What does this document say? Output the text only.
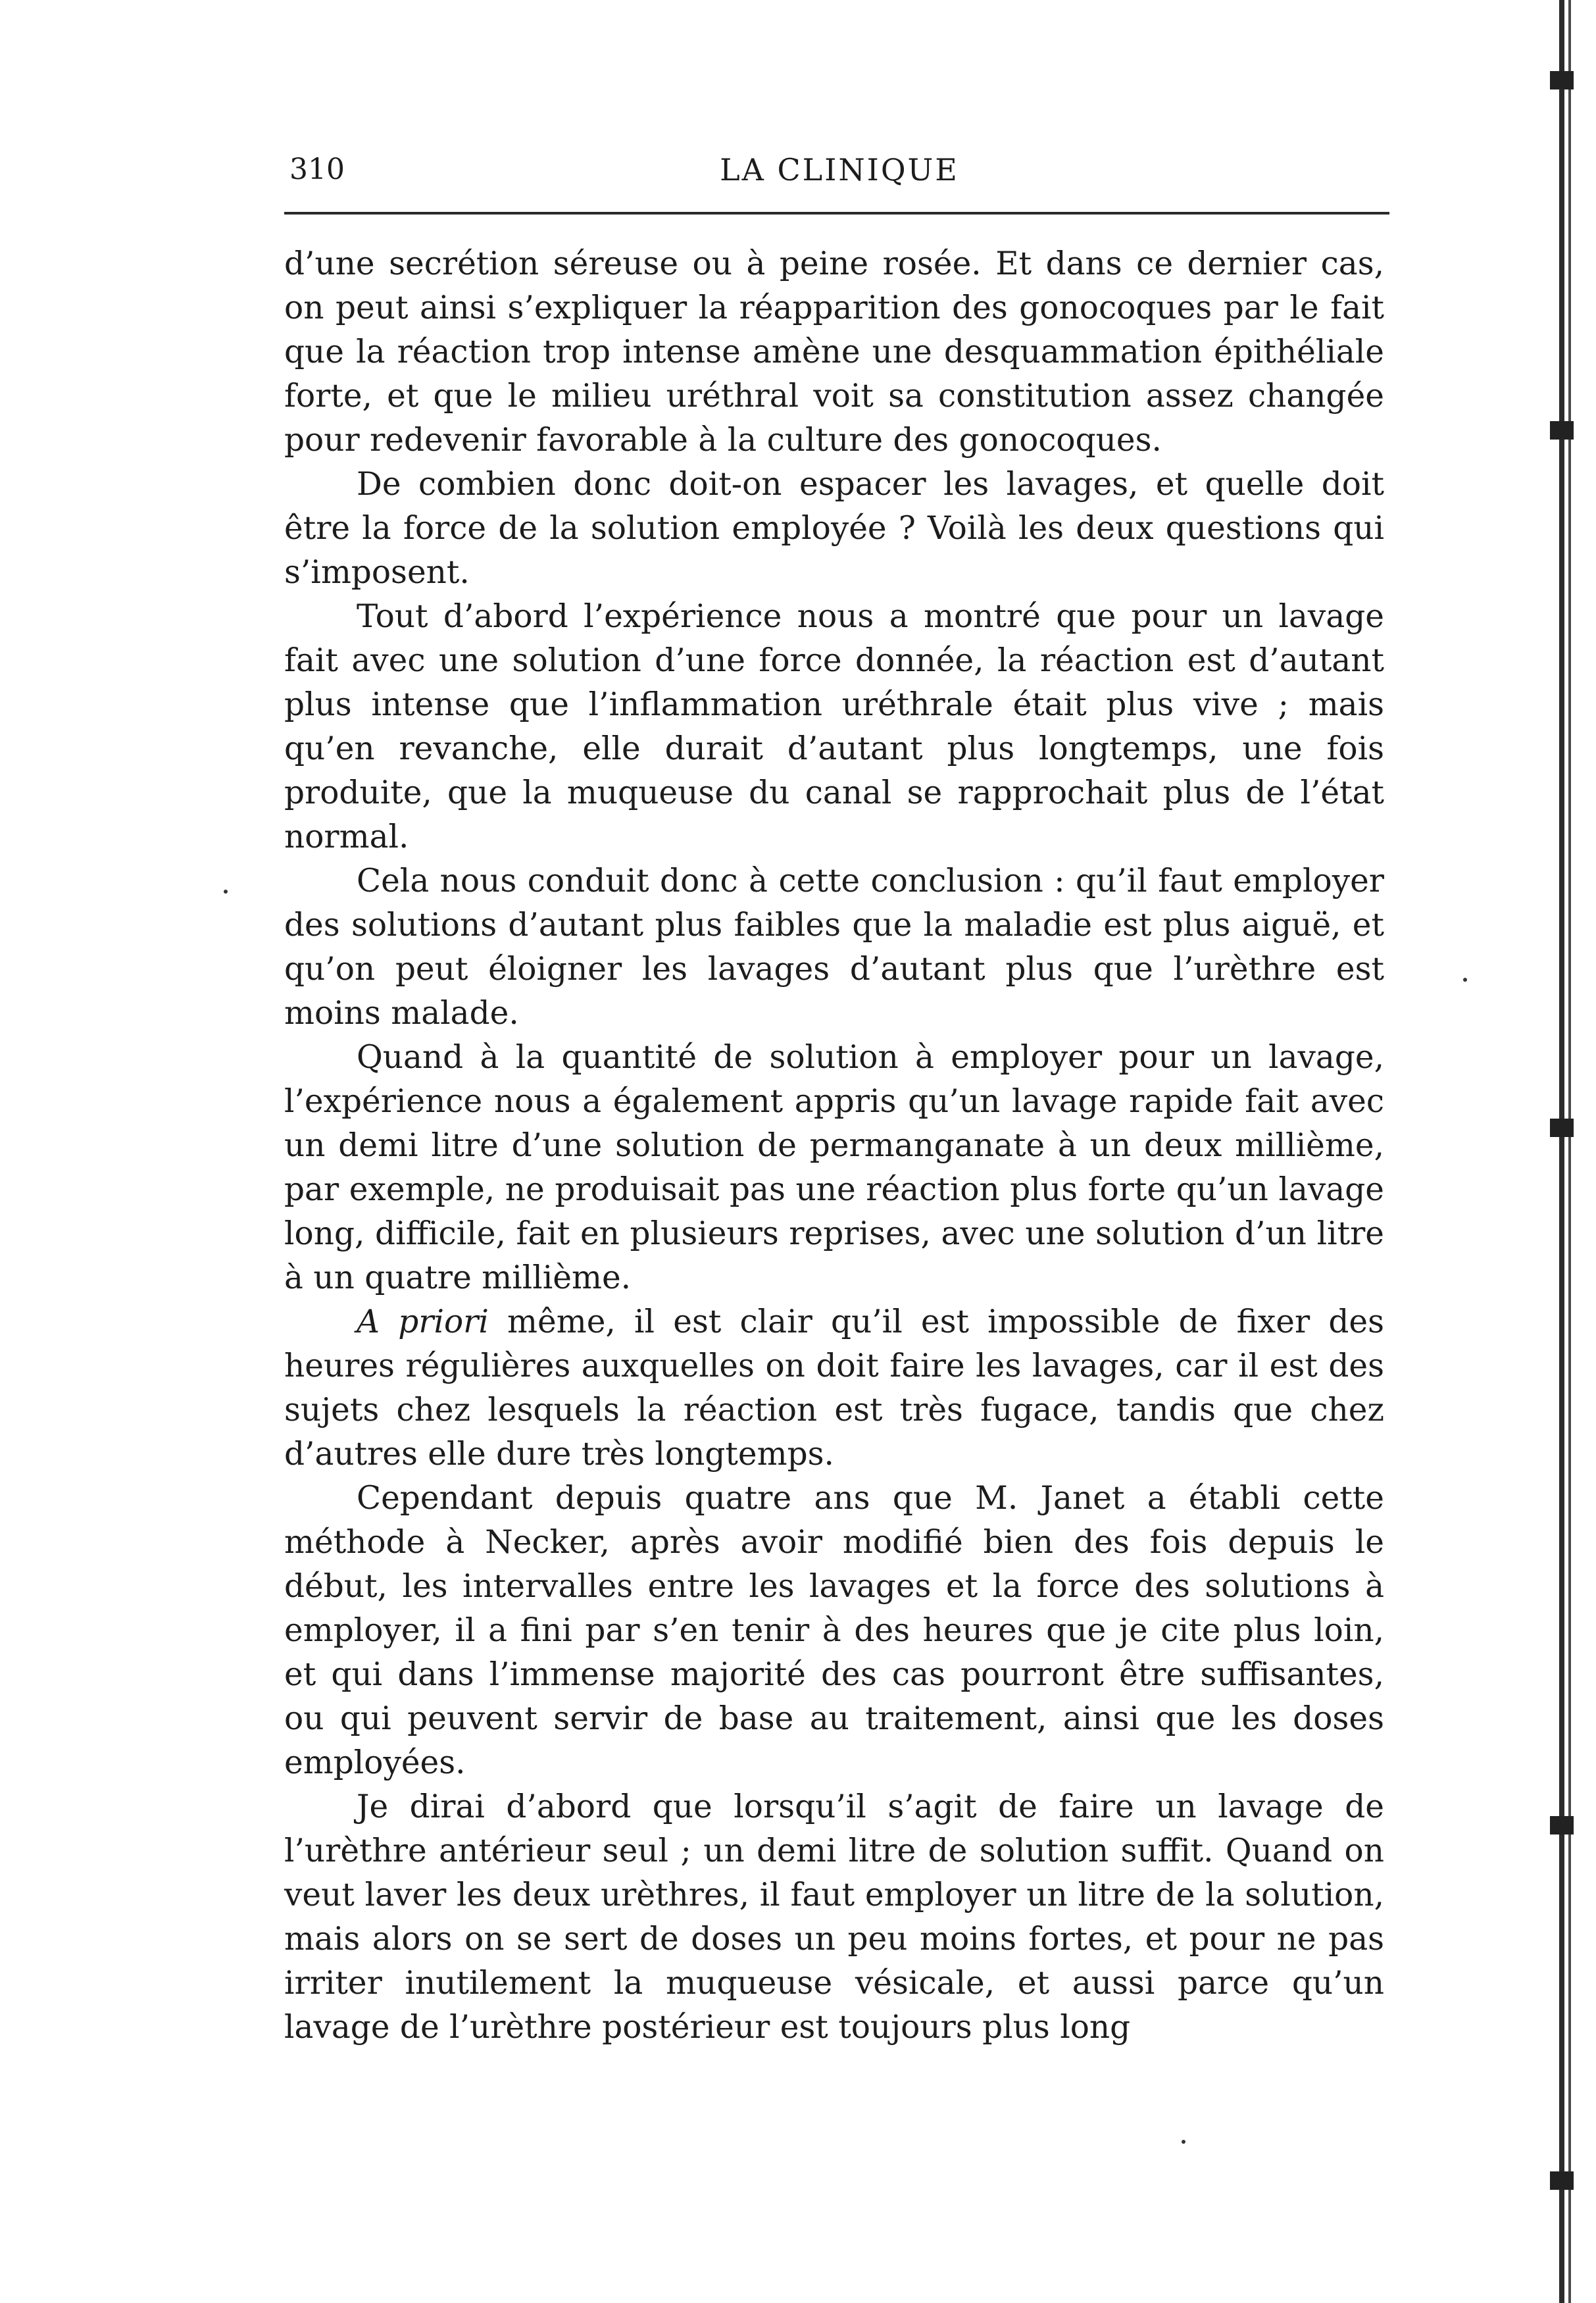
310	LA CLINIQUE

d’une secrétion séreuse ou à peine rosée. Et dans ce dernier cas, on peut ainsi s’expliquer la réapparition des gonocoques par le fait que la réaction trop intense amène une desquammation épithéliale forte, et que le milieu uréthral voit sa constitution assez changée pour redevenir favorable à la culture des gonocoques.

De combien donc doit-on espacer les lavages, et quelle doit être la force de la solution employée ? Voilà les deux questions qui s’imposent.

Tout d’abord l’expérience nous a montré que pour un lavage fait avec une solution d’une force donnée, la réaction est d’autant plus intense que l’inflammation uréthrale était plus vive ; mais qu’en revanche, elle durait d’autant plus longtemps, une fois produite, que la muqueuse du canal se rapprochait plus de l’état normal.

Cela nous conduit donc à cette conclusion : qu’il faut employer des solutions d’autant plus faibles que la maladie est plus aiguë, et qu’on peut éloigner les lavages d’autant plus que l’urèthre est moins malade.

Quand à la quantité de solution à employer pour un lavage, l’expérience nous a également appris qu’un lavage rapide fait avec un demi litre d’une solution de permanganate à un deux millième, par exemple, ne produisait pas une réaction plus forte qu’un lavage long, difficile, fait en plusieurs reprises, avec une solution d’un litre à un quatre millième.

A priori même, il est clair qu’il est impossible de fixer des heures régulières auxquelles on doit faire les lavages, car il est des sujets chez lesquels la réaction est très fugace, tandis que chez d’autres elle dure très longtemps.

Cependant depuis quatre ans que M. Janet a établi cette méthode à Necker, après avoir modifié bien des fois depuis le début, les intervalles entre les lavages et la force des solutions à employer, il a fini par s’en tenir à des heures que je cite plus loin, et qui dans l’immense majorité des cas pourront être suffisantes, ou qui peuvent servir de base au traitement, ainsi que les doses employées.

Je dirai d’abord que lorsqu’il s’agit de faire un lavage de l’urèthre antérieur seul ; un demi litre de solution suffit. Quand on veut laver les deux urèthres, il faut employer un litre de la solution, mais alors on se sert de doses un peu moins fortes, et pour ne pas irriter inutilement la muqueuse vésicale, et aussi parce qu’un lavage de l’urèthre postérieur est toujours plus long
